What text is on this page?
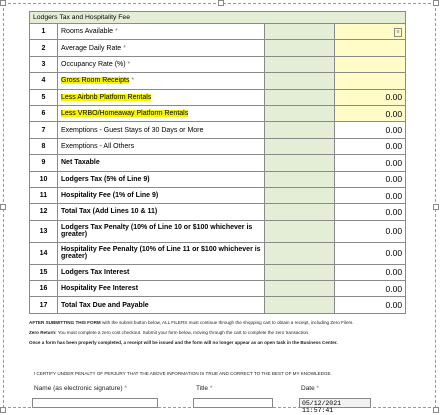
Lodgers Tax and Hospitality Fee			
1	Rooms Available *		≡

2	Average Daily Rate *		
3	Occupancy Rate (%) *		
4	Gross Room Receipts *		
5	Less Airbnb Platform Rentals		0.00
6	Less VRBO/Homeaway Platform Rentals		0.00
7	Exemptions - Guest Stays of 30 Days or More		0.00
8	Exemptions - All Others		0.00
9	Net Taxable		0.00
10	Lodgers Tax (5% of Line 9)		0.00
11	Hospitality Fee (1% of Line 9)		0.00
12	Total Tax (Add Lines 10 & 11)		0.00
13	Lodgers Tax Penalty (10% of Line 10 or $100 whichever is greater)		0.00
14	Hospitality Fee Penalty (10% of Line 11 or $100 whichever is greater)		0.00
15	Lodgers Tax Interest		0.00
16	Hospitality Fee Interest		0.00
17	Total Tax Due and Payable		0.00
AFTER SUBMITTING THIS FORM with the submit button below, ALL FILERS must continue through the shopping cart to obtain a receipt, including Zero Filers.
Zero Return: You must complete a zero cost checkout. Submit your form below, moving through the cart to complete the zero transaction.
Once a form has been properly completed, a receipt will be issued and the form will no longer appear as an open task in the Business Center.
I CERTIFY UNDER PENALTY OF PERJURY THAT THE ABOVE INFORMATION IS TRUE AND CORRECT TO THE BEST OF MY KNOWLEDGE.
Name (as electronic signature) *	Title *	Date *
05/12/2021 11:57:41
